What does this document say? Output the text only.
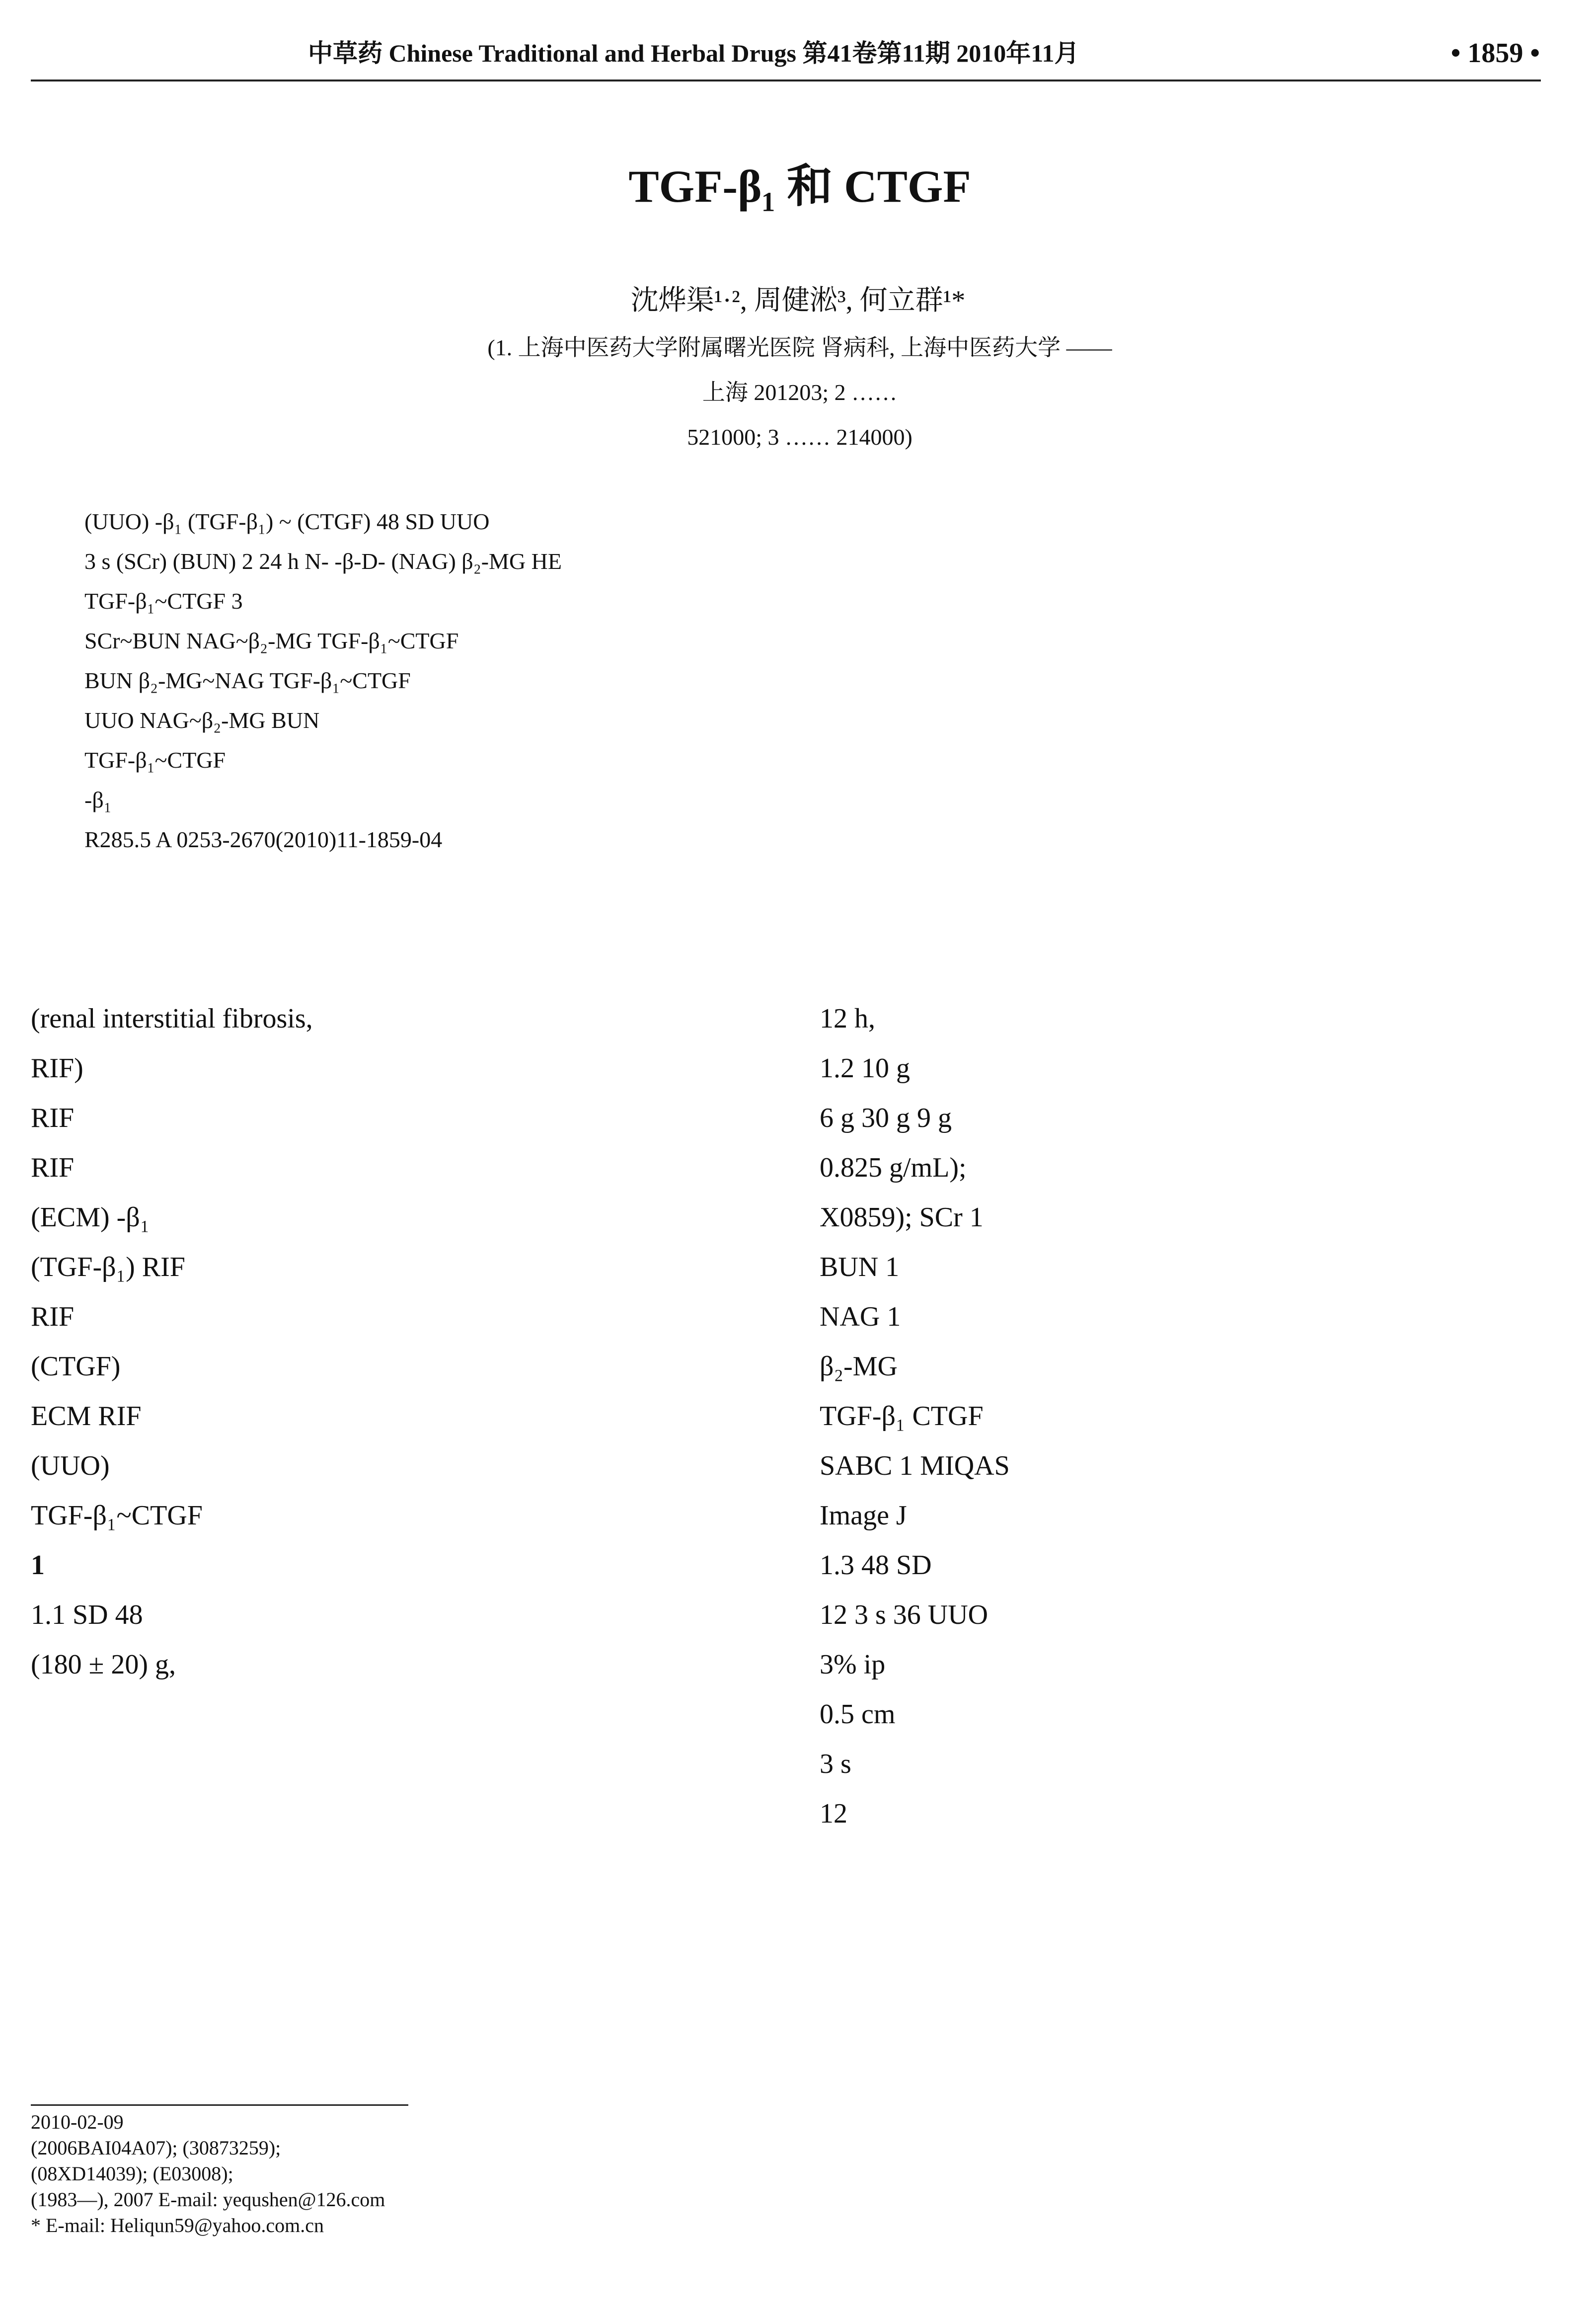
中草药 Chinese Traditional and Herbal Drugs 第41卷第11期 2010年11月	• 1859 •
TGF-β₁ 和 CTGF
沈烨渠¹·², 周健淞³, 何立群¹*
(1. 上海中医药大学附属曙光医院 肾病科, 上海中医药大学 ——
上海 201203; 2 ……
521000; 3 …… 214000)

(UUO) -β₁ (TGF-β₁) ~ (CTGF) 48 SD UUO

3 s (SCr) (BUN) 2 24 h N- -β-D- (NAG) β₂-MG HE

TGF-β₁~CTGF 3

SCr~BUN NAG~β₂-MG TGF-β₁~CTGF

BUN β₂-MG~NAG TGF-β₁~CTGF

UUO NAG~β₂-MG BUN

TGF-β₁~CTGF

-β₁

R285.5 A 0253-2670(2010)11-1859-04

(renal interstitial fibrosis,

RIF)

RIF

RIF

(ECM) -β₁

(TGF-β₁) RIF

RIF

(CTGF)

ECM RIF

(UUO)

TGF-β₁~CTGF

1

1.1 SD 48

(180 ± 20) g,

12 h,

1.2 10 g

6 g 30 g 9 g

0.825 g/mL);

X0859); SCr 1

BUN 1

NAG 1

β₂-MG

TGF-β₁ CTGF

SABC 1 MIQAS

Image J

1.3 48 SD

12 3 s 36 UUO

3% ip

0.5 cm

3 s

12

2010-02-09

(2006BAI04A07); (30873259);

(08XD14039); (E03008);

(1983—), 2007 E-mail: yequshen@126.com

* E-mail: Heliqun59@yahoo.com.cn
